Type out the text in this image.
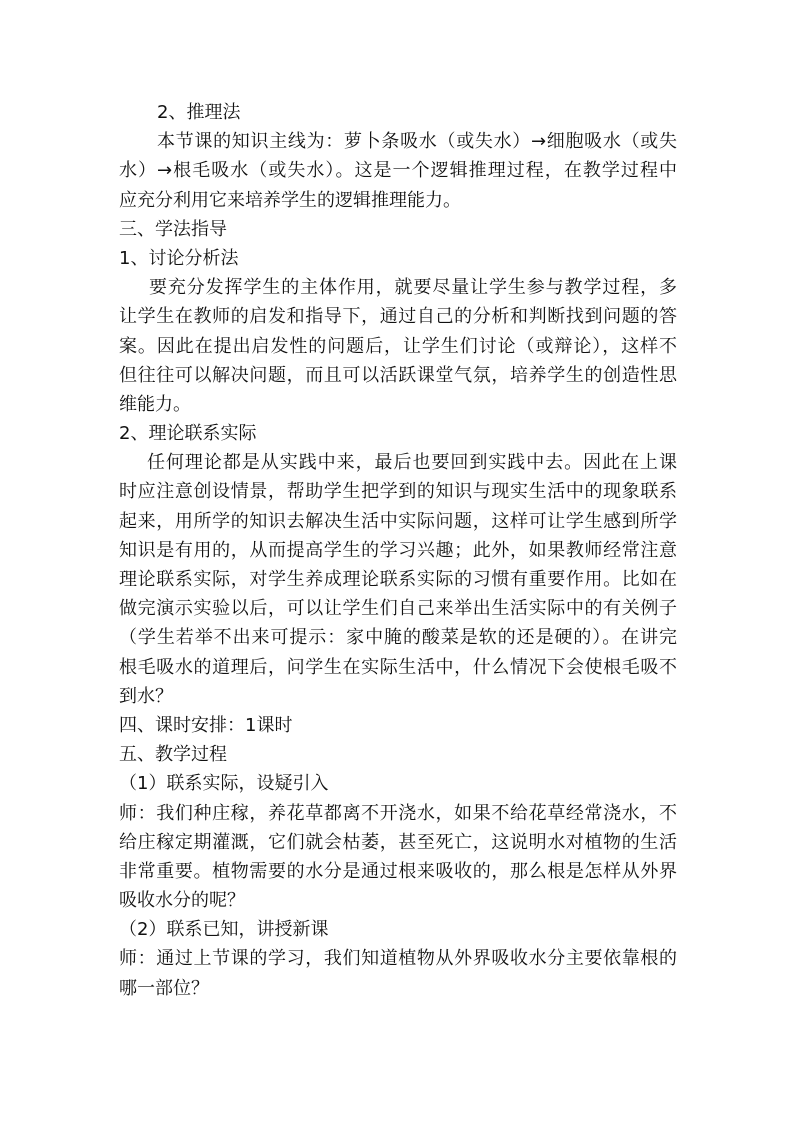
2、推理法
本节课的知识主线为：萝卜条吸水（或失水）→细胞吸水（或失
水）→根毛吸水（或失水）。这是一个逻辑推理过程，在教学过程中
应充分利用它来培养学生的逻辑推理能力。
三、学法指导
1、讨论分析法
要充分发挥学生的主体作用，就要尽量让学生参与教学过程，多
让学生在教师的启发和指导下，通过自己的分析和判断找到问题的答
案。因此在提出启发性的问题后，让学生们讨论（或辩论），这样不
但往往可以解决问题，而且可以活跃课堂气氛，培养学生的创造性思
维能力。
2、理论联系实际
任何理论都是从实践中来，最后也要回到实践中去。因此在上课
时应注意创设情景，帮助学生把学到的知识与现实生活中的现象联系
起来，用所学的知识去解决生活中实际问题，这样可让学生感到所学
知识是有用的，从而提高学生的学习兴趣；此外，如果教师经常注意
理论联系实际，对学生养成理论联系实际的习惯有重要作用。比如在
做完演示实验以后，可以让学生们自己来举出生活实际中的有关例子
（学生若举不出来可提示：家中腌的酸菜是软的还是硬的）。在讲完
根毛吸水的道理后，问学生在实际生活中，什么情况下会使根毛吸不
到水？
四、课时安排：1课时
五、教学过程
（1）联系实际，设疑引入
师：我们种庄稼，养花草都离不开浇水，如果不给花草经常浇水，不
给庄稼定期灌溉，它们就会枯萎，甚至死亡，这说明水对植物的生活
非常重要。植物需要的水分是通过根来吸收的，那么根是怎样从外界
吸收水分的呢？
（2）联系已知，讲授新课
师：通过上节课的学习，我们知道植物从外界吸收水分主要依靠根的
哪一部位？
